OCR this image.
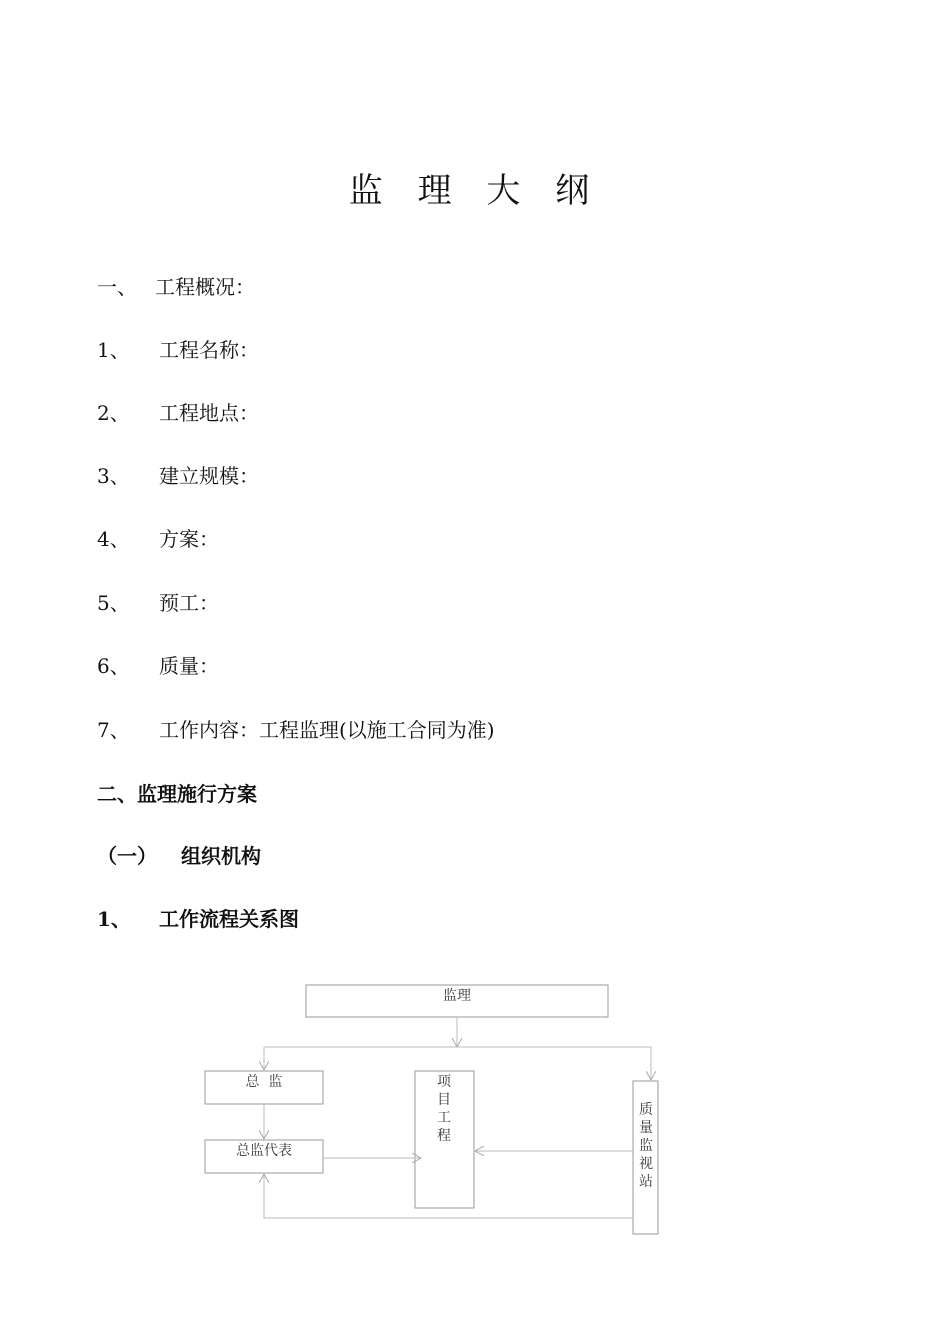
监 理 大 纲
一、 工程概况：
1、 工程名称：
2、 工程地点：
3、 建立规模：
4、 方案：
5、 预工：
6、 质量：
7、 工作内容：工程监理(以施工合同为准)
二、监理施行方案
（一） 组织机构
1、 工作流程关系图
监理
总  监
总监代表
项目工程
质量监视站
